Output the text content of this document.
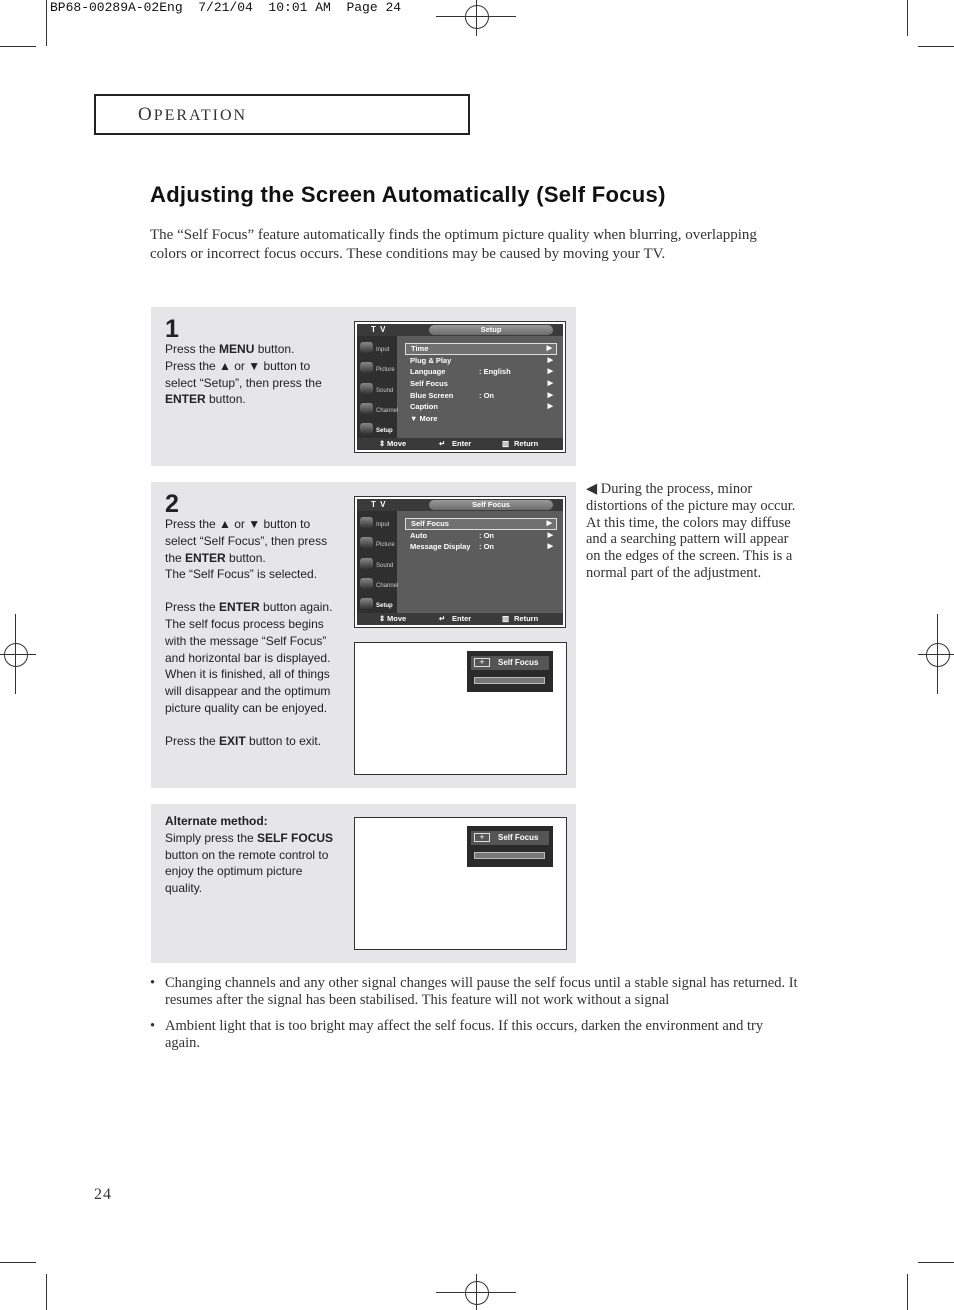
BP68-00289A-02Eng  7/21/04  10:01 AM  Page 24
OPERATION
Adjusting the Screen Automatically (Self Focus)
The “Self Focus” feature automatically finds the optimum picture quality when blurring, overlapping colors or incorrect focus occurs. These conditions may be caused by moving your TV.
1

Press the MENU button.

Press the ▲ or ▼ button to select “Setup”, then press the ENTER button.

T V	Setup
Input
Picture
Sound
Channel
Setup
Time	▶
Plug & Play	▶
Language	: English	▶
Self Focus	▶
Blue Screen	: On	▶
Caption	▶
▼ More
⇕ Move	↵ Enter	▥ Return
2

Press the ▲ or ▼ button to select “Self Focus”, then press the ENTER button.

The “Self Focus” is selected.

Press the ENTER button again. The self focus process begins with the message “Self Focus” and horizontal bar is displayed. When it is finished, all of things will disappear and the optimum picture quality can be enjoyed.

Press the EXIT button to exit.

T V	Self Focus
Input
Picture
Sound
Channel
Setup
Self Focus	▶
Auto	: On	▶
Message Display : On	▶
⇕ Move	↵ Enter	▥ Return
+	Self Focus

Alternate method:

Simply press the SELF FOCUS button on the remote control to enjoy the optimum picture quality.

+	Self Focus
◀ During the process, minor distortions of the picture may occur. At this time, the colors may diffuse and a searching pattern will appear on the edges of the screen. This is a normal part of the adjustment.
• Changing channels and any other signal changes will pause the self focus until a stable signal has returned. It resumes after the signal has been stabilised. This feature will not work without a signal
• Ambient light that is too bright may affect the self focus. If this occurs, darken the environment and try again.
24
